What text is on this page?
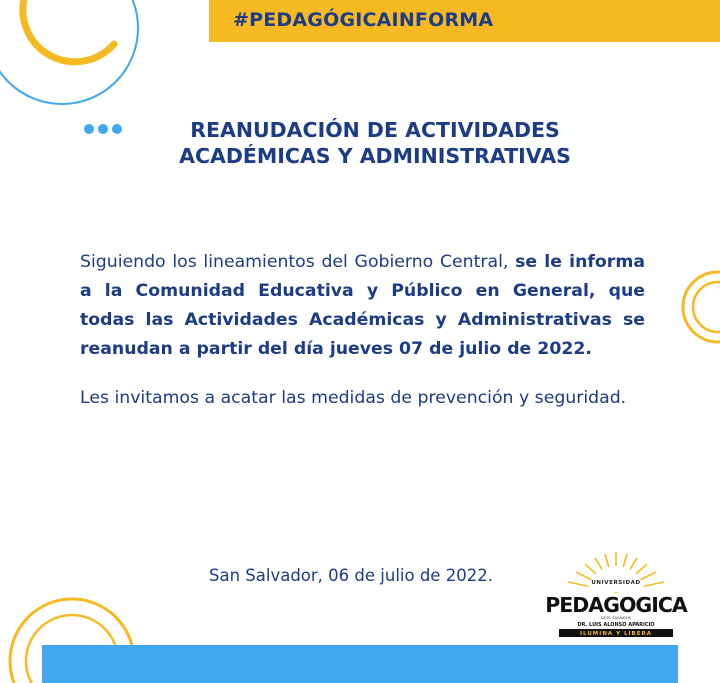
#PEDAGÓGICAINFORMA
REANUDACIÓN DE ACTIVIDADES
ACADÉMICAS Y ADMINISTRATIVAS

Siguiendo los lineamientos del Gobierno Central, se le informa a la Comunidad Educativa y Público en General, que todas las Actividades Académicas y Administrativas se reanudan a partir del día jueves 07 de julio de 2022.

Les invitamos a acatar las medidas de prevención y seguridad.

San Salvador, 06 de julio de 2022.	UNIVERSIDAD
PEDAGOGICA
DE EL SALVADOR
DR. LUIS ALONSO APARICIO
ILUMINA Y LIBERA
